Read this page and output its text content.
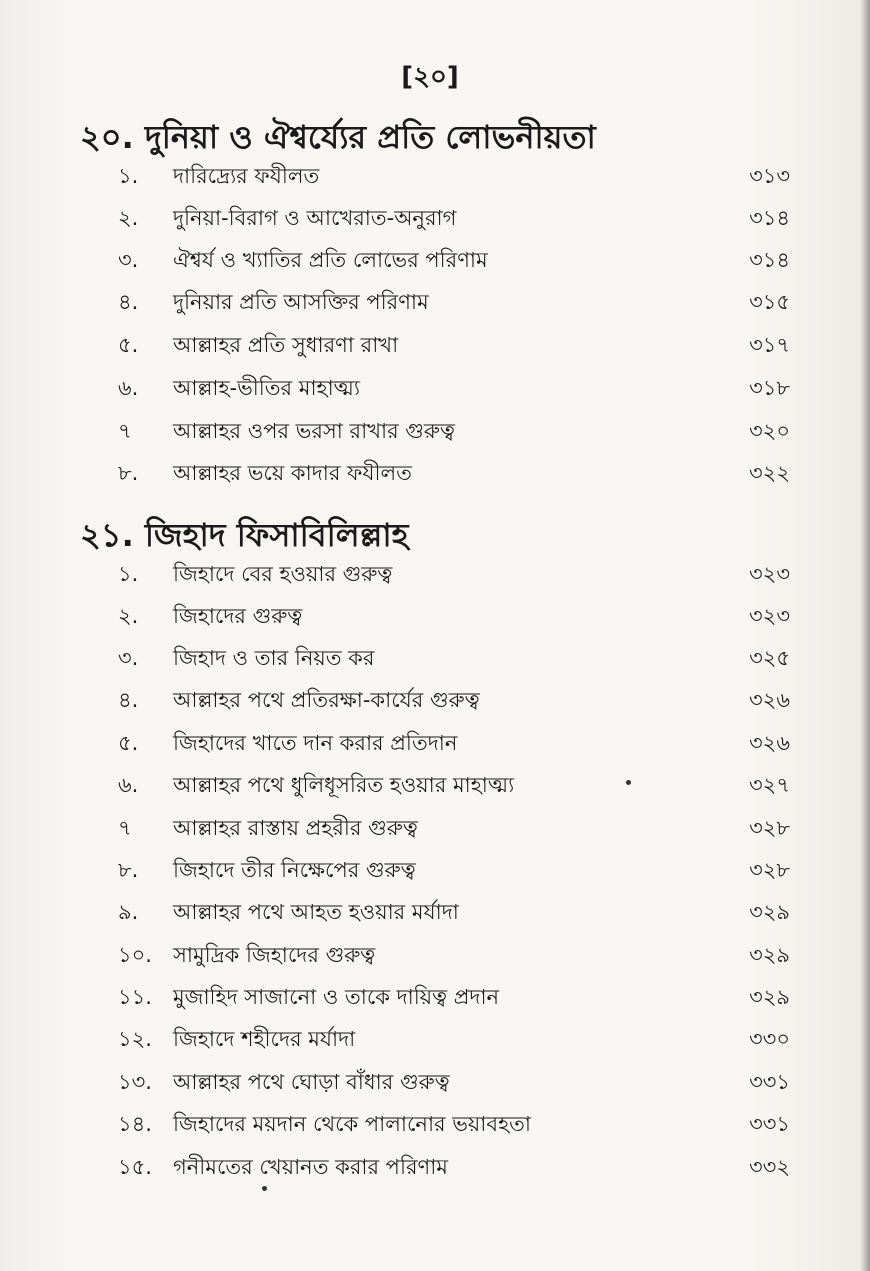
[২০]
২০. দুনিয়া ও ঐশ্বর্য্যের প্রতি লোভনীয়তা
১.	দারিদ্র্যের ফযীলত	৩১৩
২.	দুনিয়া-বিরাগ ও আখেরাত-অনুরাগ	৩১৪
৩.	ঐশ্বর্য ও খ্যাতির প্রতি লোভের পরিণাম	৩১৪
৪.	দুনিয়ার প্রতি আসক্তির পরিণাম	৩১৫
৫.	আল্লাহর প্রতি সুধারণা রাখা	৩১৭
৬.	আল্লাহ-ভীতির মাহাত্ম্য	৩১৮
৭	আল্লাহর ওপর ভরসা রাখার গুরুত্ব	৩২০
৮.	আল্লাহর ভয়ে কাদার ফযীলত	৩২২
২১. জিহাদ ফিসাবিলিল্লাহ
১.	জিহাদে বের হওয়ার গুরুত্ব	৩২৩
২.	জিহাদের গুরুত্ব	৩২৩
৩.	জিহাদ ও তার নিয়ত কর	৩২৫
৪.	আল্লাহর পথে প্রতিরক্ষা-কার্যের গুরুত্ব	৩২৬
৫.	জিহাদের খাতে দান করার প্রতিদান	৩২৬
৬.	আল্লাহর পথে ধুলিধূসরিত হওয়ার মাহাত্ম্য	৩২৭
৭	আল্লাহর রাস্তায় প্রহরীর গুরুত্ব	৩২৮
৮.	জিহাদে তীর নিক্ষেপের গুরুত্ব	৩২৮
৯.	আল্লাহর পথে আহত হওয়ার মর্যাদা	৩২৯
১০.	সামুদ্রিক জিহাদের গুরুত্ব	৩২৯
১১.	মুজাহিদ সাজানো ও তাকে দায়িত্ব প্রদান	৩২৯
১২.	জিহাদে শহীদের মর্যাদা	৩৩০
১৩.	আল্লাহর পথে ঘোড়া বাঁধার গুরুত্ব	৩৩১
১৪.	জিহাদের ময়দান থেকে পালানোর ভয়াবহতা	৩৩১
১৫.	গনীমতের খেয়ানত করার পরিণাম	৩৩২
